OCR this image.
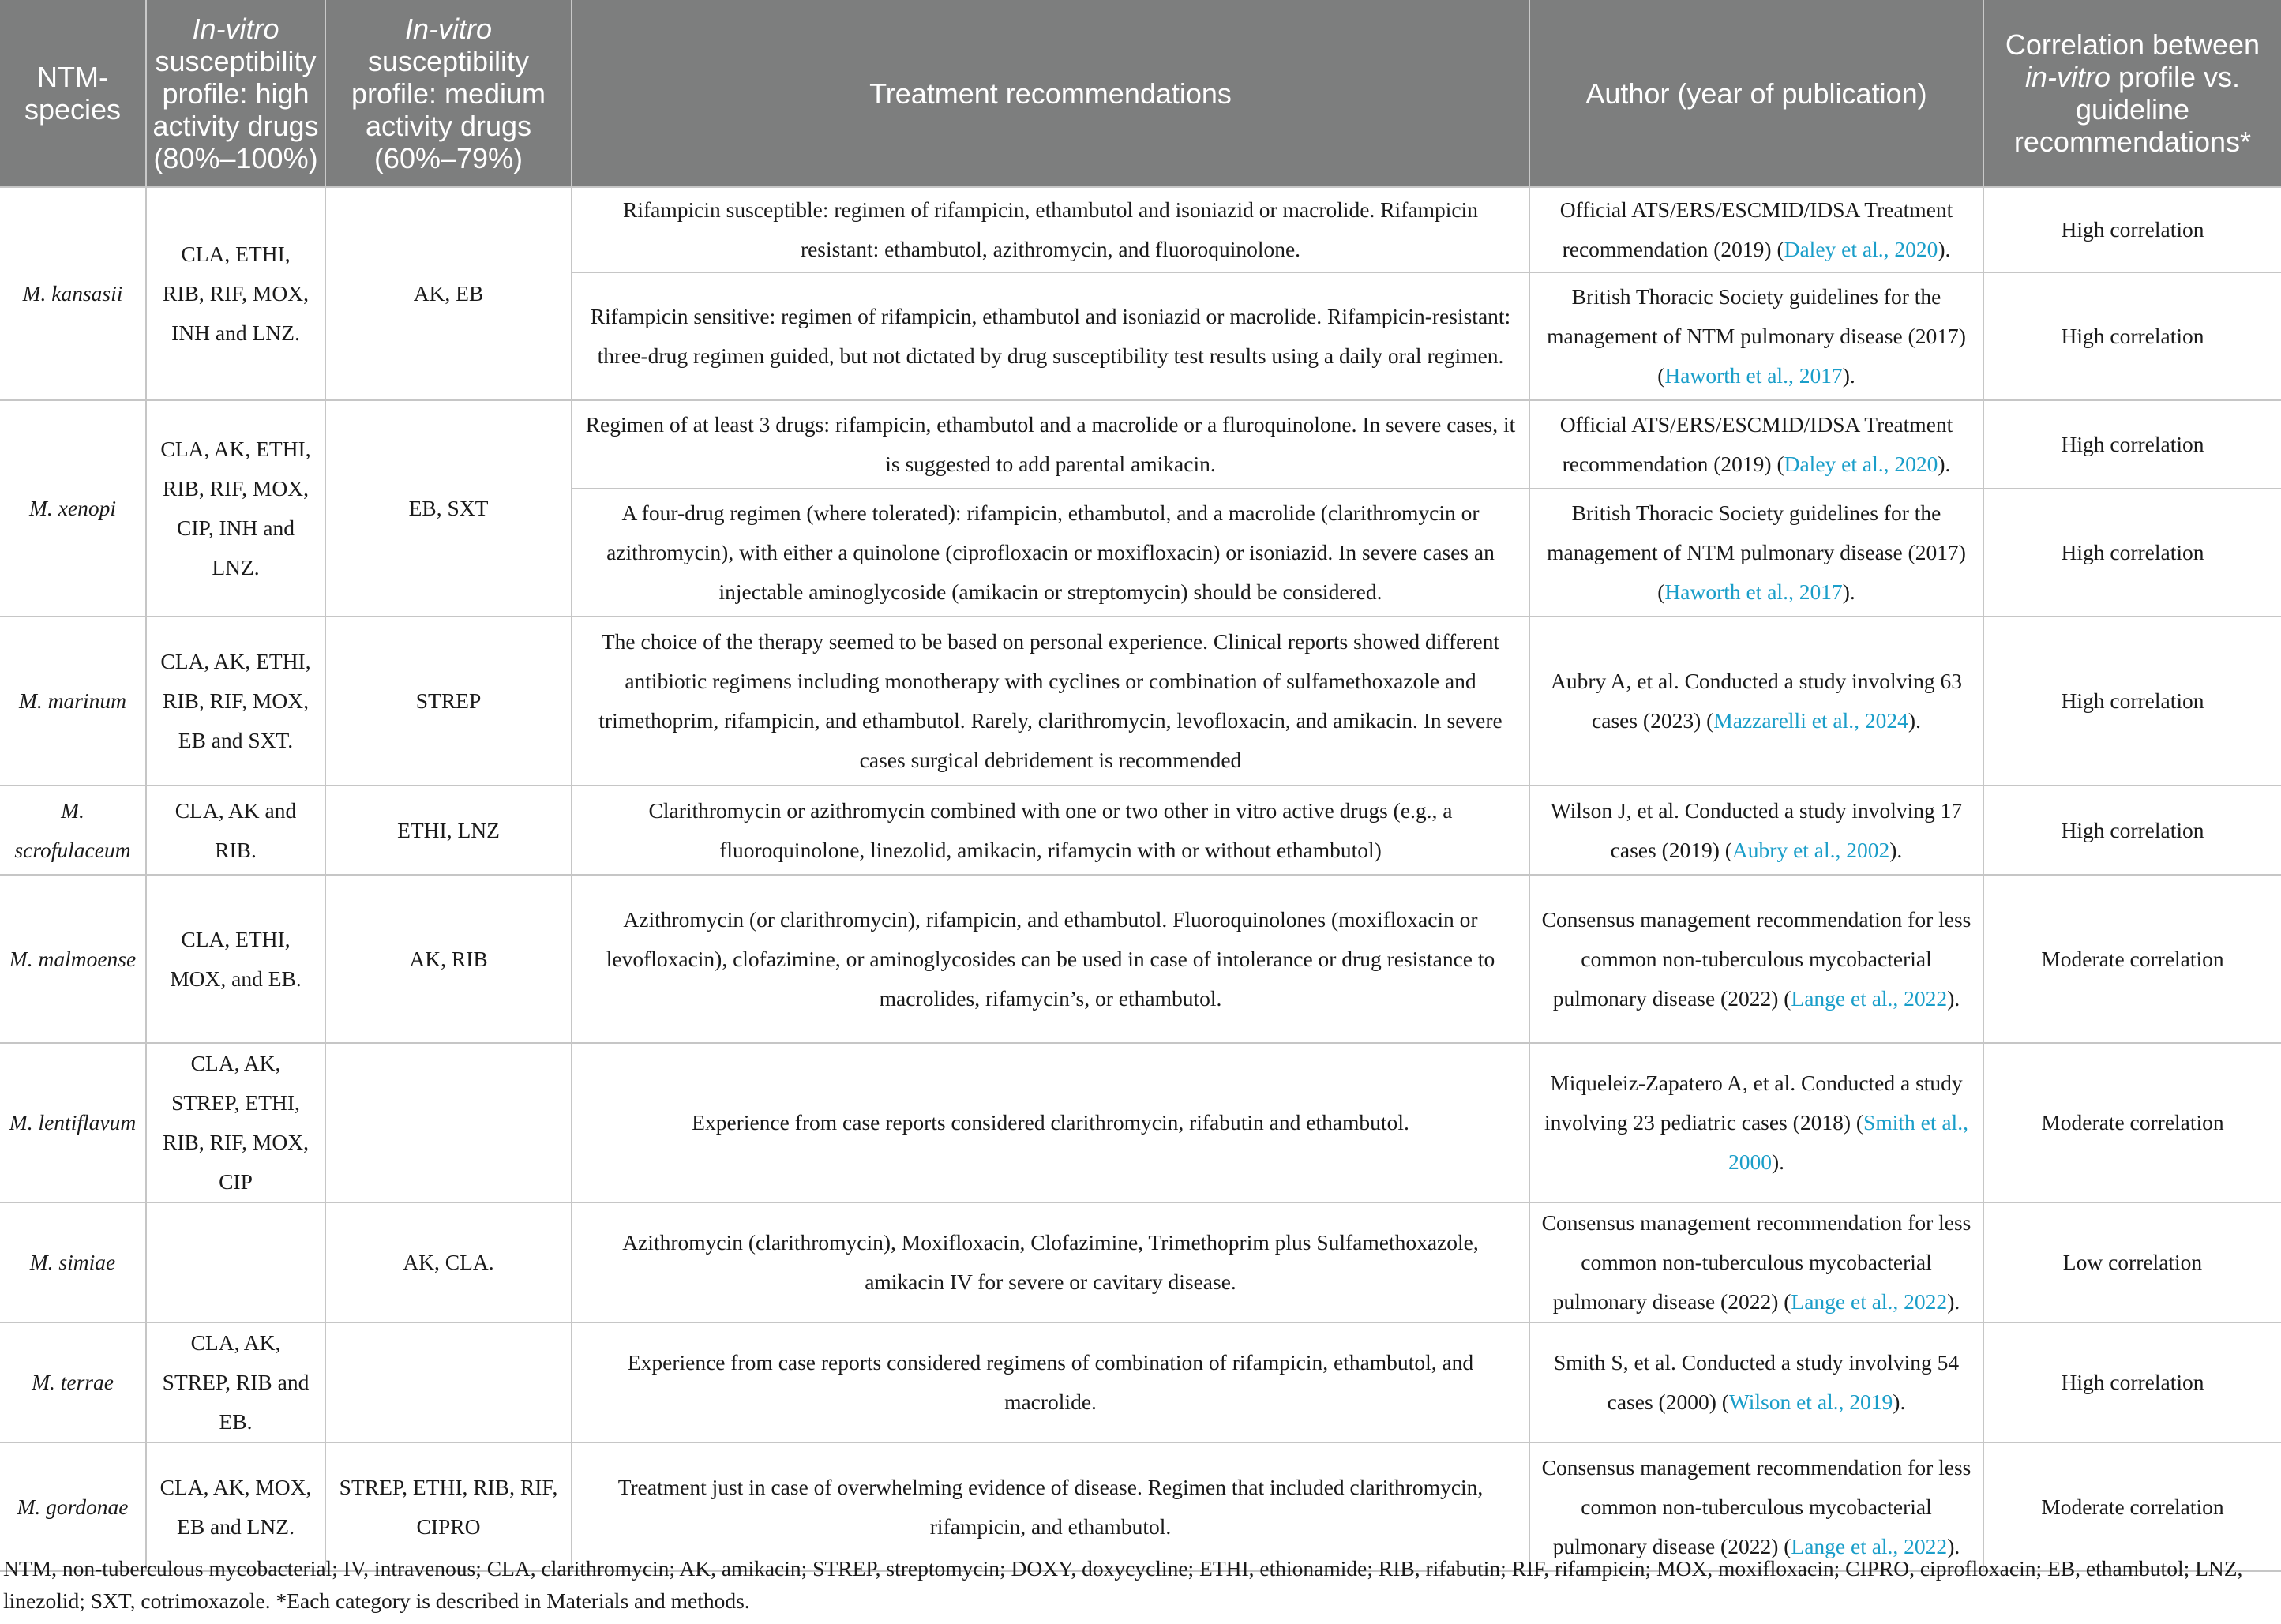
NTM-species	In-vitro susceptibility profile: high activity drugs (80%–100%)	In-vitro susceptibility profile: medium activity drugs (60%–79%)	Treatment recommendations	Author (year of publication)	Correlation between in-vitro profile vs. guideline recommendations*
M. kansasii	CLA, ETHI, RIB, RIF, MOX, INH and LNZ.	AK, EB	Rifampicin susceptible: regimen of rifampicin, ethambutol and isoniazid or macrolide. Rifampicin resistant: ethambutol, azithromycin, and fluoroquinolone.	Official ATS/ERS/ESCMID/IDSA Treatment recommendation (2019) (Daley et al., 2020).	High correlation
			Rifampicin sensitive: regimen of rifampicin, ethambutol and isoniazid or macrolide. Rifampicin-resistant: three-drug regimen guided, but not dictated by drug susceptibility test results using a daily oral regimen.	British Thoracic Society guidelines for the management of NTM pulmonary disease (2017) (Haworth et al., 2017).	High correlation
M. xenopi	CLA, AK, ETHI, RIB, RIF, MOX, CIP, INH and LNZ.	EB, SXT	Regimen of at least 3 drugs: rifampicin, ethambutol and a macrolide or a fluroquinolone. In severe cases, it is suggested to add parental amikacin.	Official ATS/ERS/ESCMID/IDSA Treatment recommendation (2019) (Daley et al., 2020).	High correlation
			A four-drug regimen (where tolerated): rifampicin, ethambutol, and a macrolide (clarithromycin or azithromycin), with either a quinolone (ciprofloxacin or moxifloxacin) or isoniazid. In severe cases an injectable aminoglycoside (amikacin or streptomycin) should be considered.	British Thoracic Society guidelines for the management of NTM pulmonary disease (2017) (Haworth et al., 2017).	High correlation
M. marinum	CLA, AK, ETHI, RIB, RIF, MOX, EB and SXT.	STREP	The choice of the therapy seemed to be based on personal experience. Clinical reports showed different antibiotic regimens including monotherapy with cyclines or combination of sulfamethoxazole and trimethoprim, rifampicin, and ethambutol. Rarely, clarithromycin, levofloxacin, and amikacin. In severe cases surgical debridement is recommended	Aubry A, et al. Conducted a study involving 63 cases (2023) (Mazzarelli et al., 2024).	High correlation
M. scrofulaceum	CLA, AK and RIB.	ETHI, LNZ	Clarithromycin or azithromycin combined with one or two other in vitro active drugs (e.g., a fluoroquinolone, linezolid, amikacin, rifamycin with or without ethambutol)	Wilson J, et al. Conducted a study involving 17 cases (2019) (Aubry et al., 2002).	High correlation
M. malmoense	CLA, ETHI, MOX, and EB.	AK, RIB	Azithromycin (or clarithromycin), rifampicin, and ethambutol. Fluoroquinolones (moxifloxacin or levofloxacin), clofazimine, or aminoglycosides can be used in case of intolerance or drug resistance to macrolides, rifamycin’s, or ethambutol.	Consensus management recommendation for less common non-tuberculous mycobacterial pulmonary disease (2022) (Lange et al., 2022).	Moderate correlation
M. lentiflavum	CLA, AK, STREP, ETHI, RIB, RIF, MOX, CIP		Experience from case reports considered clarithromycin, rifabutin and ethambutol.	Miqueleiz-Zapatero A, et al. Conducted a study involving 23 pediatric cases (2018) (Smith et al., 2000).	Moderate correlation
M. simiae		AK, CLA.	Azithromycin (clarithromycin), Moxifloxacin, Clofazimine, Trimethoprim plus Sulfamethoxazole, amikacin IV for severe or cavitary disease.	Consensus management recommendation for less common non-tuberculous mycobacterial pulmonary disease (2022) (Lange et al., 2022).	Low correlation
M. terrae	CLA, AK, STREP, RIB and EB.		Experience from case reports considered regimens of combination of rifampicin, ethambutol, and macrolide.	Smith S, et al. Conducted a study involving 54 cases (2000) (Wilson et al., 2019).	High correlation
M. gordonae	CLA, AK, MOX, EB and LNZ.	STREP, ETHI, RIB, RIF, CIPRO	Treatment just in case of overwhelming evidence of disease. Regimen that included clarithromycin, rifampicin, and ethambutol.	Consensus management recommendation for less common non-tuberculous mycobacterial pulmonary disease (2022) (Lange et al., 2022).	Moderate correlation
NTM, non-tuberculous mycobacterial; IV, intravenous; CLA, clarithromycin; AK, amikacin; STREP, streptomycin; DOXY, doxycycline; ETHI, ethionamide; RIB, rifabutin; RIF, rifampicin; MOX, moxifloxacin; CIPRO, ciprofloxacin; EB, ethambutol; LNZ, linezolid; SXT, cotrimoxazole. *Each category is described in Materials and methods.
